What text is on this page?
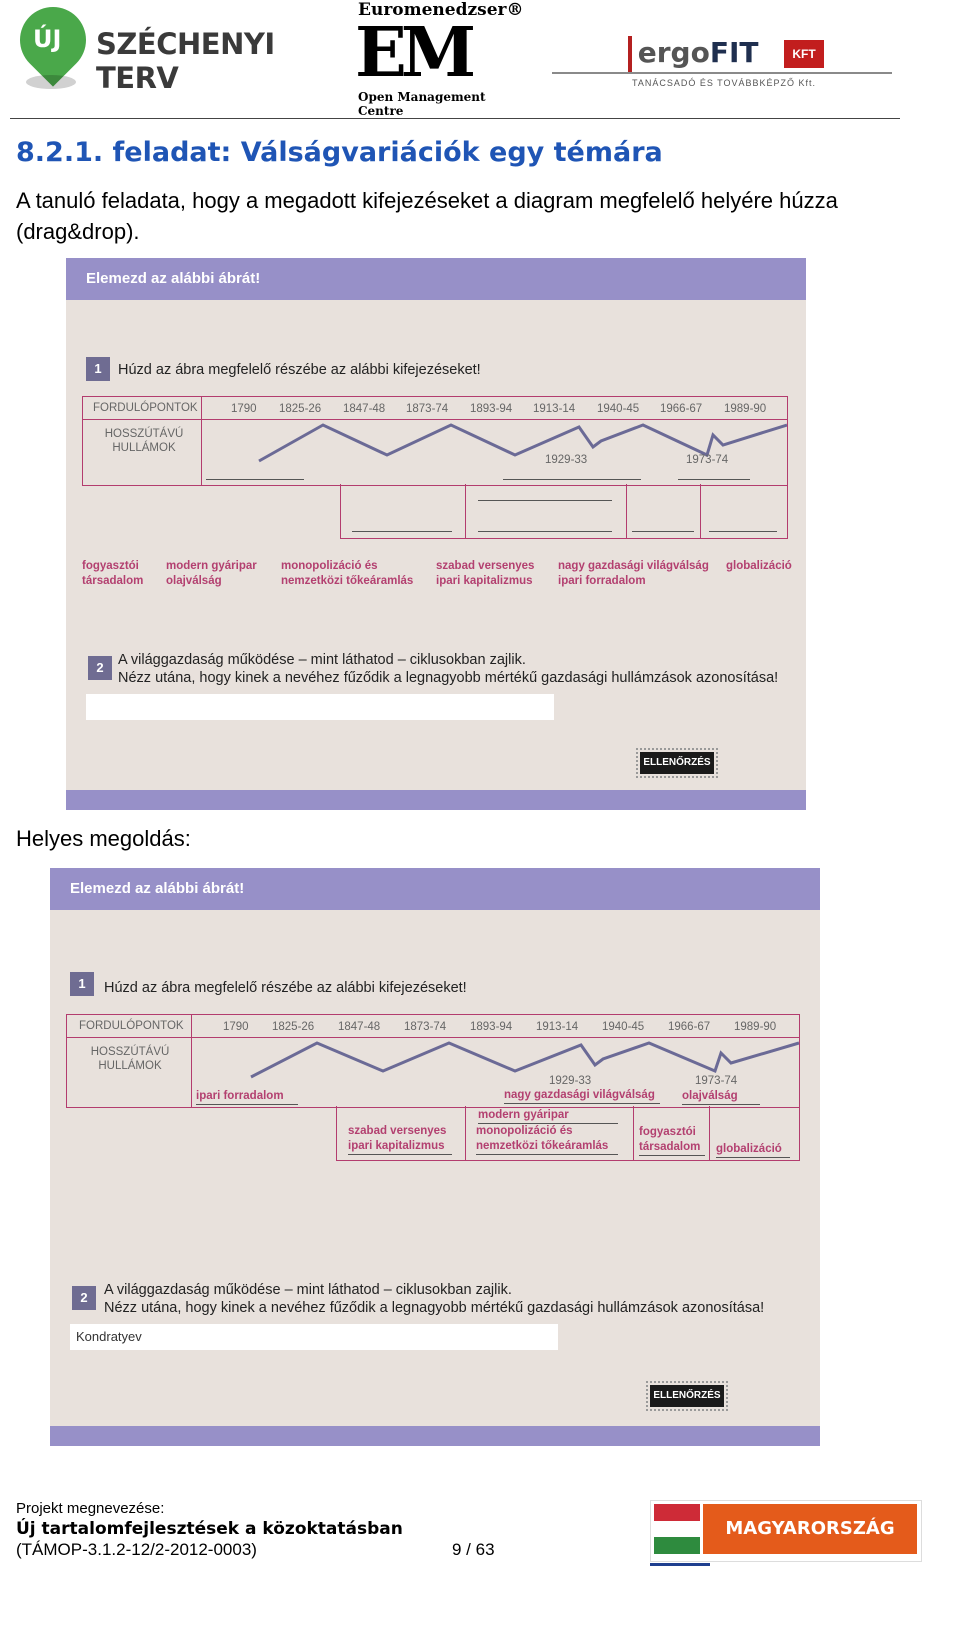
ÚJ SZÉCHENYI TERV
Euromenedzser®
EM
Open Management Centre
ergoFIT	KFT
TANÁCSADÓ ÉS TOVÁBBKÉPZŐ Kft.
8.2.1. feladat: Válságvariációk egy témára
A tanuló feladata, hogy a megadott kifejezéseket a diagram megfelelő helyére húzza (drag&drop).
Elemezd az alábbi ábrát!
1	Húzd az ábra megfelelő részébe az alábbi kifejezéseket!
FORDULÓPONTOK
HOSSZÚTÁVÚ
HULLÁMOK
1790 1825-26 1847-48 1873-74 1893-94 1913-14 1940-45 1966-67 1989-90
1929-33	1973-74
fogyasztói
társadalom
modern gyáripar
olajválság
monopolizáció és
nemzetközi tőkeáramlás
szabad versenyes
ipari kapitalizmus
nagy gazdasági világválság
ipari forradalom
globalizáció
2 A világgazdaság működése – mint láthatod – ciklusokban zajlik.
Nézz utána, hogy kinek a nevéhez fűződik a legnagyobb mértékű gazdasági hullámzások azonosítása!
ELLENŐRZÉS
Helyes megoldás:
Elemezd az alábbi ábrát!
1	Húzd az ábra megfelelő részébe az alábbi kifejezéseket!
FORDULÓPONTOK
HOSSZÚTÁVÚ
HULLÁMOK
1790 1825-26 1847-48 1873-74 1893-94 1913-14 1940-45 1966-67 1989-90
1929-33	1973-74
ipari forradalom	nagy gazdasági világválság	olajválság
szabad versenyes
ipari kapitalizmus
modern gyáripar
monopolizáció és
nemzetközi tőkeáramlás
fogyasztói
társadalom	globalizáció
2	A világgazdaság működése – mint láthatod – ciklusokban zajlik.
Nézz utána, hogy kinek a nevéhez fűződik a legnagyobb mértékű gazdasági hullámzások azonosítása!
Kondratyev
ELLENŐRZÉS
Projekt megnevezése:
Új tartalomfejlesztések a közoktatásban
(TÁMOP-3.1.2-12/2-2012-0003)	9 / 63
MAGYARORSZÁG MEGÚJUL
